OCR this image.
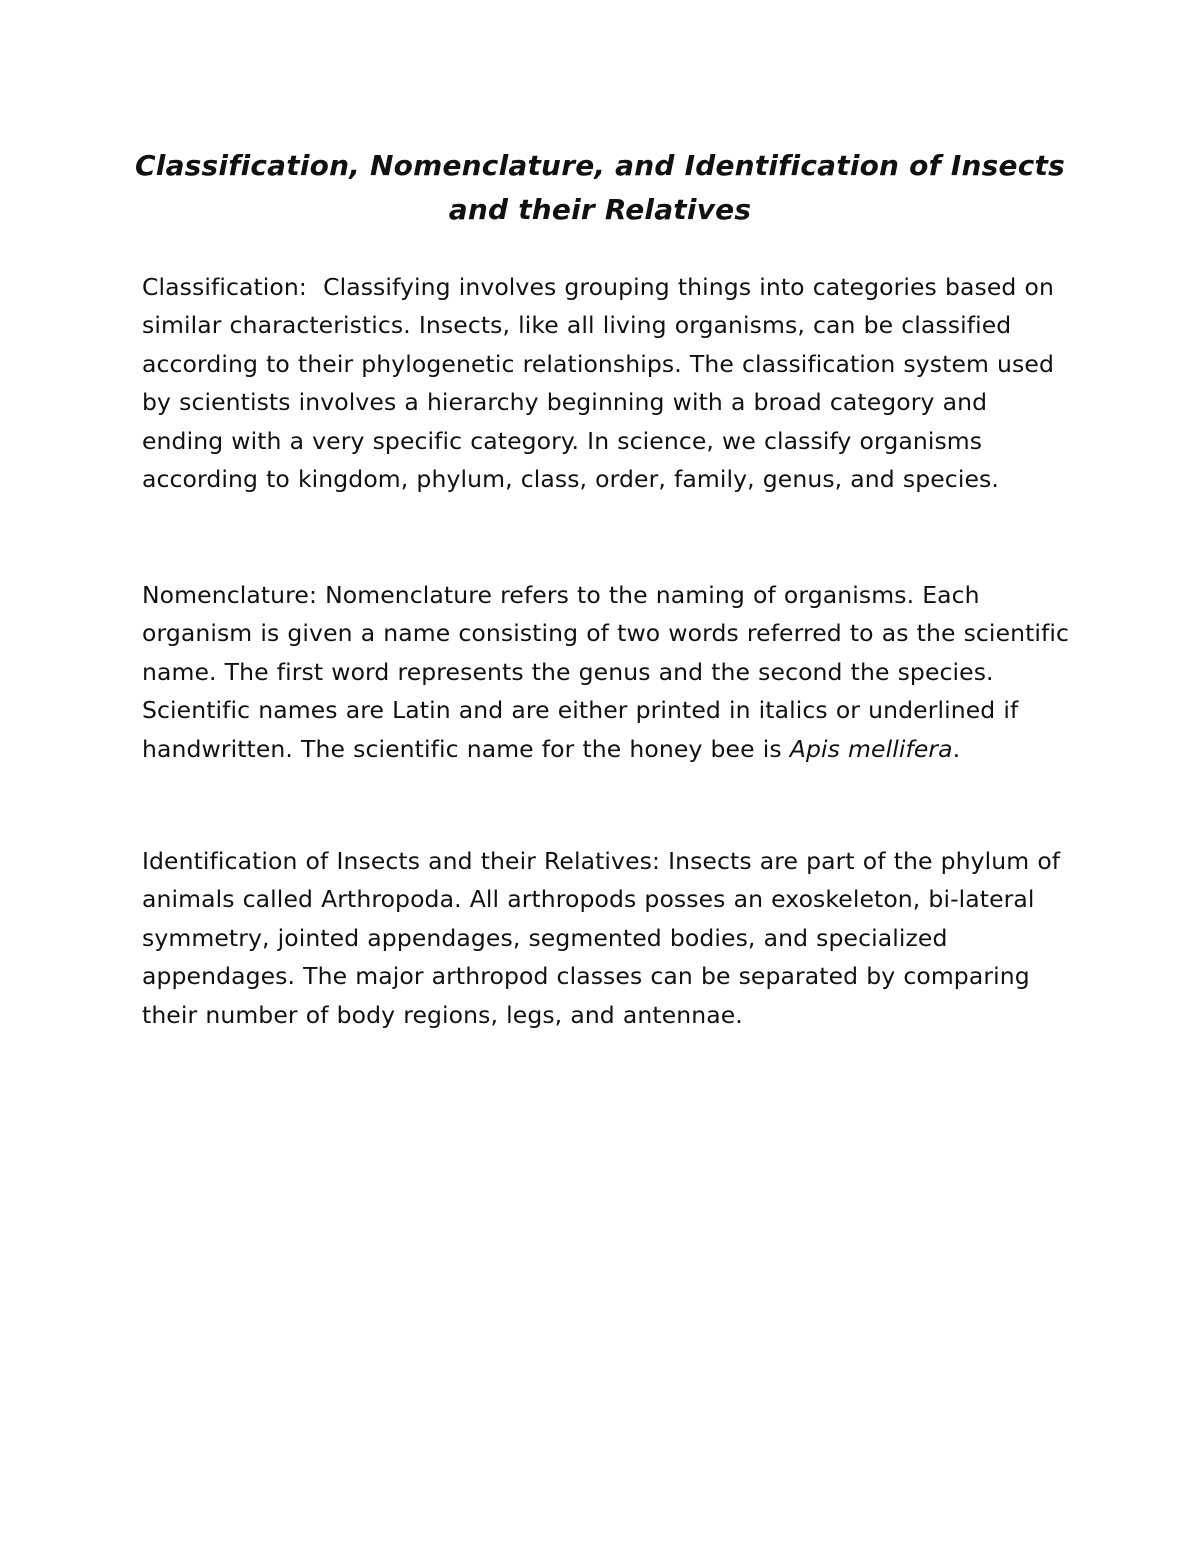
Classification, Nomenclature, and Identification of Insects
and their Relatives

Classification: Classifying involves grouping things into categories based on similar characteristics. Insects, like all living organisms, can be classified according to their phylogenetic relationships. The classification system used by scientists involves a hierarchy beginning with a broad category and ending with a very specific category. In science, we classify organisms according to kingdom, phylum, class, order, family, genus, and species.

Nomenclature: Nomenclature refers to the naming of organisms. Each organism is given a name consisting of two words referred to as the scientific name. The first word represents the genus and the second the species. Scientific names are Latin and are either printed in italics or underlined if handwritten. The scientific name for the honey bee is Apis mellifera.

Identification of Insects and their Relatives: Insects are part of the phylum of animals called Arthropoda. All arthropods posses an exoskeleton, bi-lateral symmetry, jointed appendages, segmented bodies, and specialized appendages. The major arthropod classes can be separated by comparing their number of body regions, legs, and antennae.
